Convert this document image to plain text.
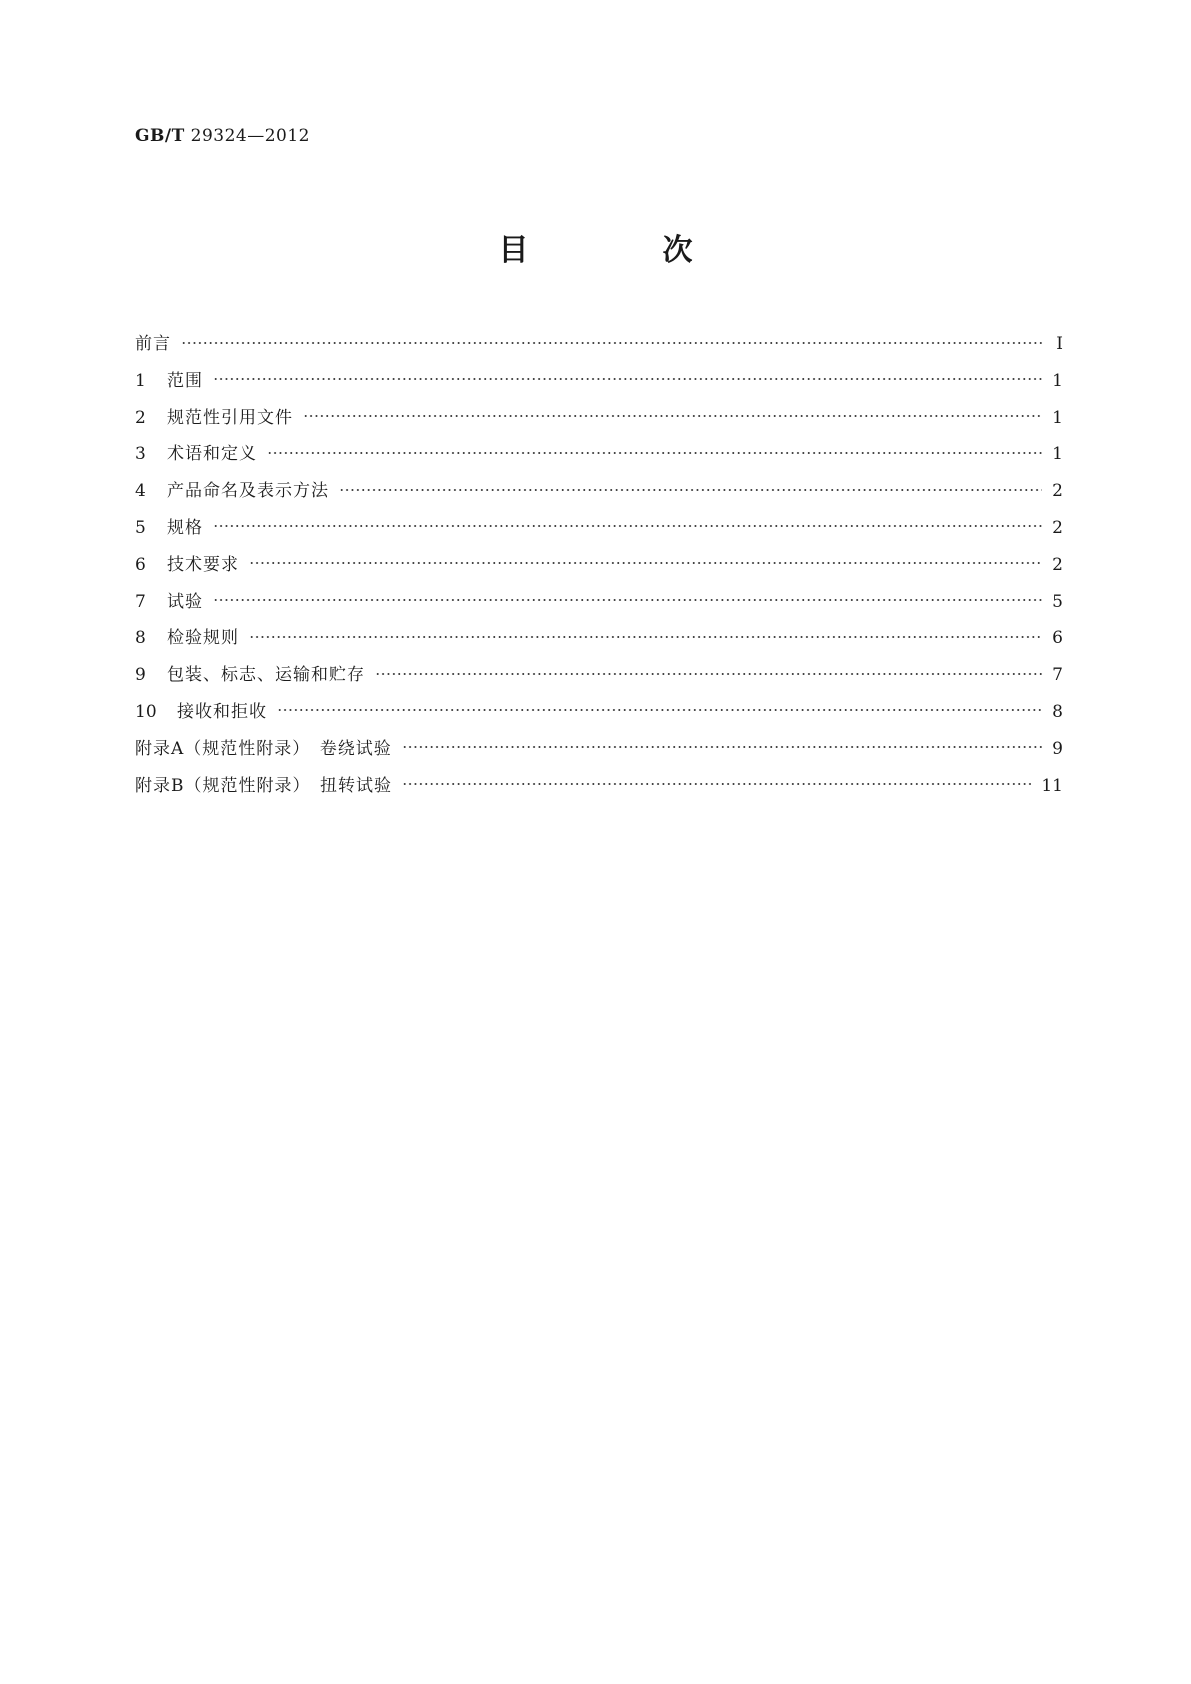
GB/T 29324—2012
目　次
前言	Ⅰ
1	范围	1
2	规范性引用文件	1
3	术语和定义	1
4	产品命名及表示方法	2
5	规格	2
6	技术要求	2
7	试验	5
8	检验规则	6
9	包装、标志、运输和贮存	7
10	接收和拒收	8
附录A（规范性附录）　卷绕试验	9
附录B（规范性附录）　扭转试验	11
